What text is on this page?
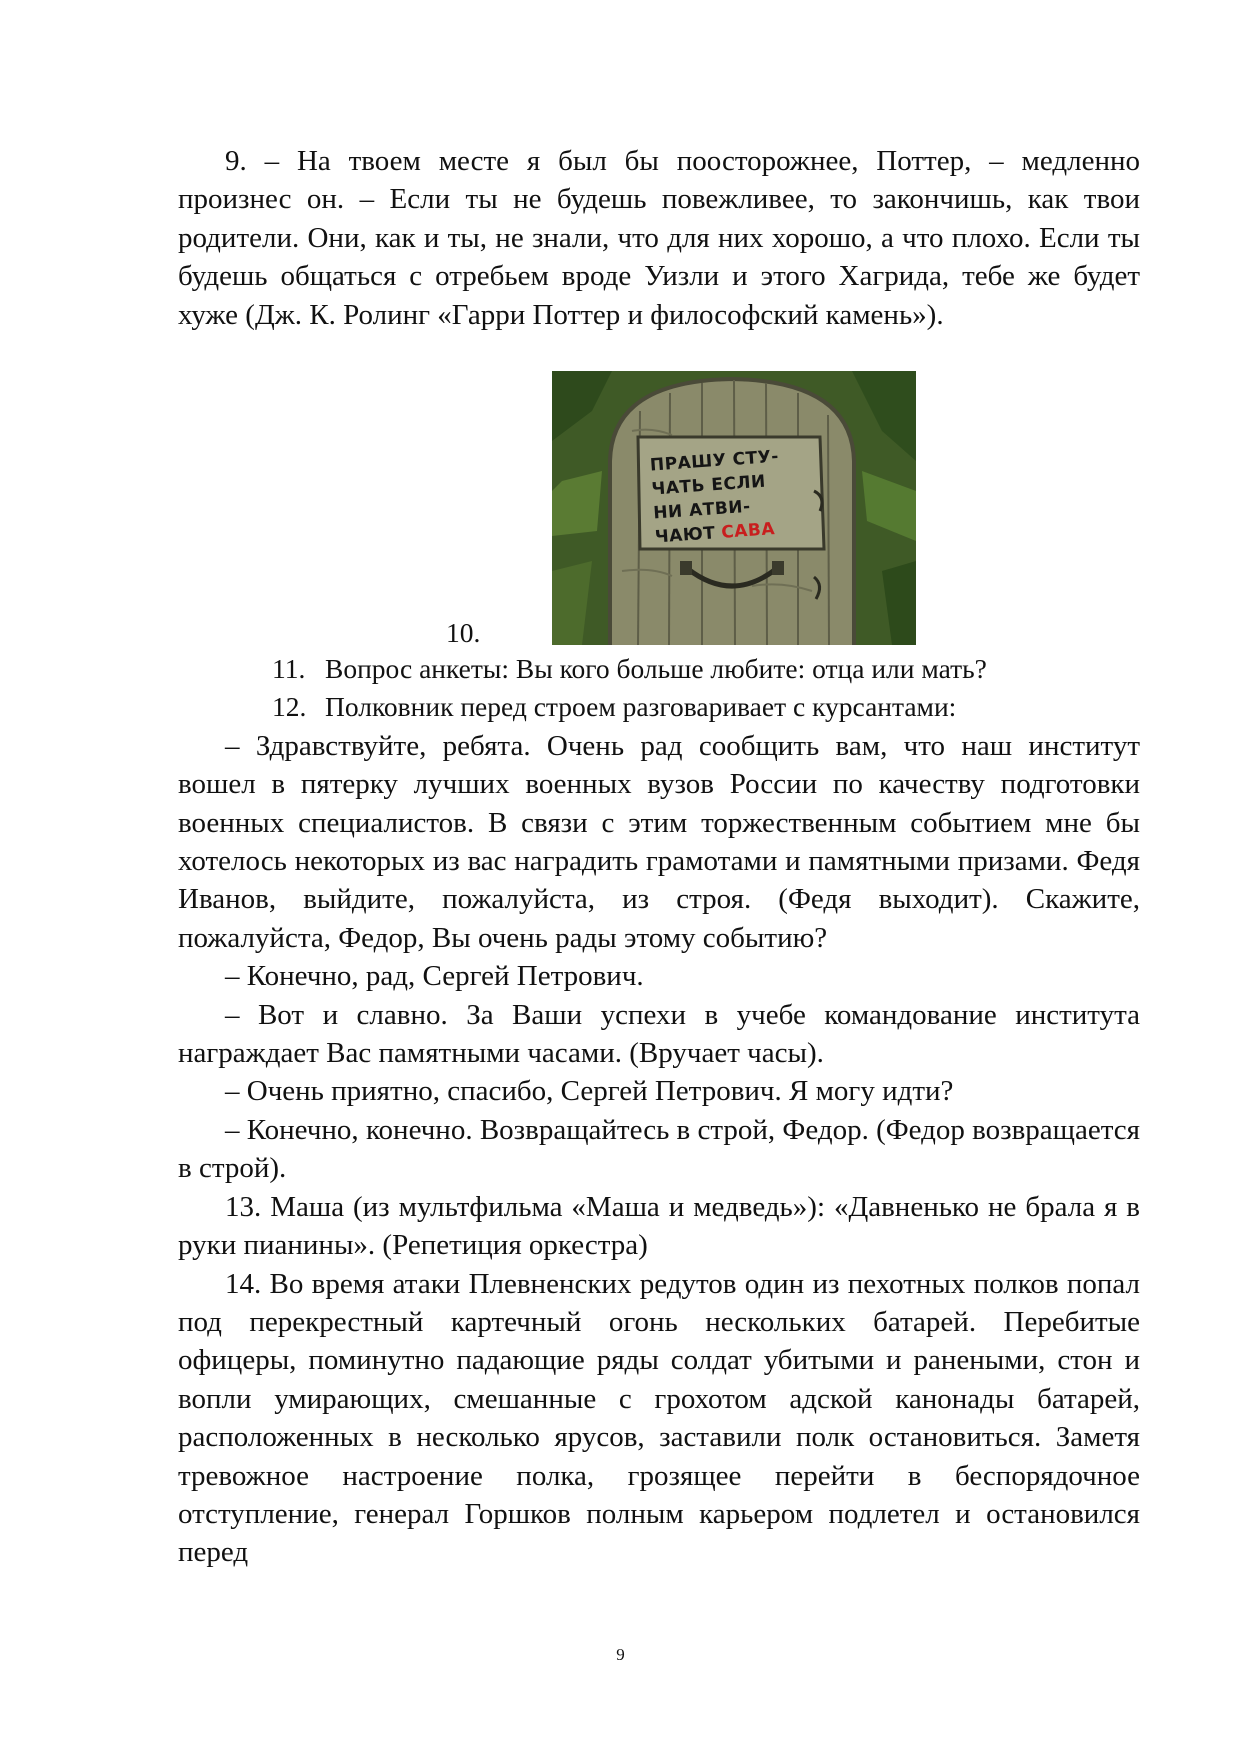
9. – На твоем месте я был бы поосторожнее, Поттер, – медленно произнес он. – Если ты не будешь повежливее, то закончишь, как твои родители. Они, как и ты, не знали, что для них хорошо, а что плохо. Если ты будешь общаться с отребьем вроде Уизли и этого Хагрида, тебе же будет хуже (Дж. К. Ролинг «Гарри Поттер и философский камень»).

10.
ПРАШУ СТУ-
ЧАТЬ ЕСЛИ
НИ АТВИ-
ЧАЮТ САВА

11. Вопрос анкеты: Вы кого больше любите: отца или мать?

12. Полковник перед строем разговаривает с курсантами:

– Здравствуйте, ребята. Очень рад сообщить вам, что наш институт вошел в пятерку лучших военных вузов России по качеству подготовки военных специалистов. В связи с этим торжественным событием мне бы хотелось некоторых из вас наградить грамотами и памятными призами. Федя Иванов, выйдите, пожалуйста, из строя. (Федя выходит). Скажите, пожалуйста, Федор, Вы очень рады этому событию?

– Конечно, рад, Сергей Петрович.

– Вот и славно. За Ваши успехи в учебе командование института награждает Вас памятными часами. (Вручает часы).

– Очень приятно, спасибо, Сергей Петрович. Я могу идти?

– Конечно, конечно. Возвращайтесь в строй, Федор. (Федор возвращается в строй).

13. Маша (из мультфильма «Маша и медведь»): «Давненько не брала я в руки пианины». (Репетиция оркестра)

14. Во время атаки Плевненских редутов один из пехотных полков попал под перекрестный картечный огонь нескольких батарей. Перебитые офицеры, поминутно падающие ряды солдат убитыми и ранеными, стон и вопли умирающих, смешанные с грохотом адской канонады батарей, расположенных в несколько ярусов, заставили полк остановиться. Заметя тревожное настроение полка, грозящее перейти в беспорядочное отступление, генерал Горшков полным карьером подлетел и остановился перед

9
